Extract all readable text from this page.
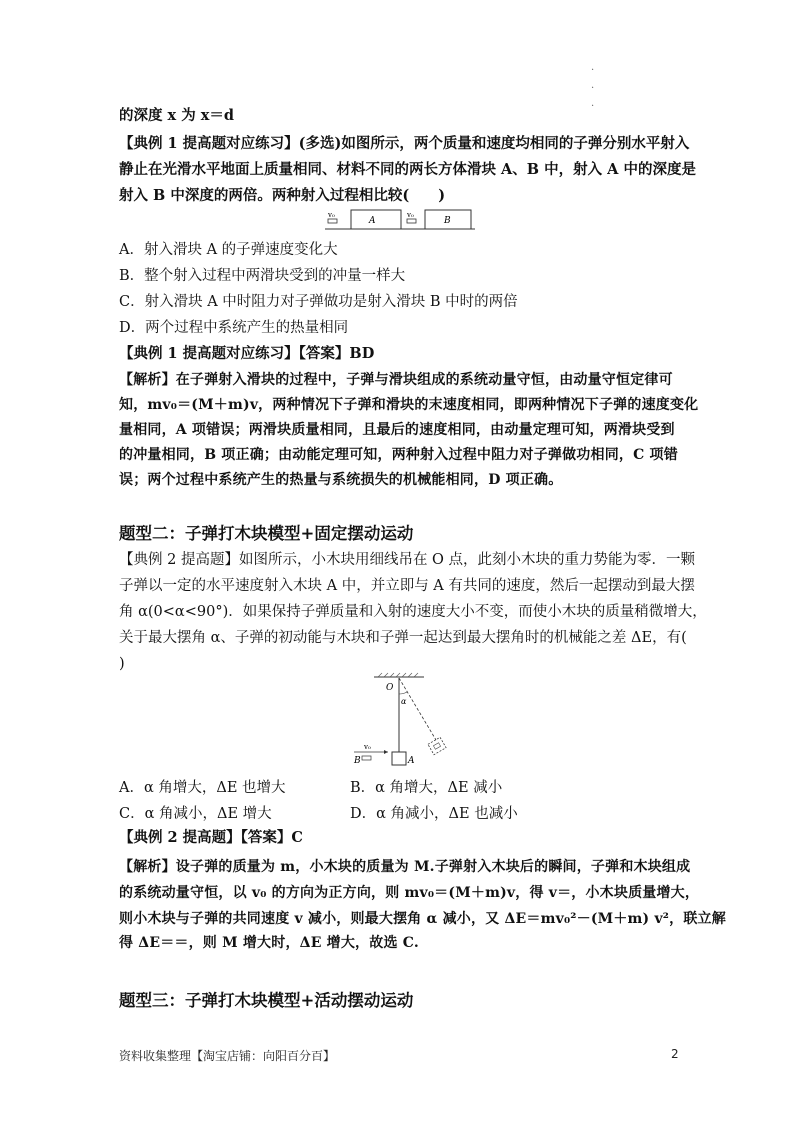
.
.
.
的深度 x 为 x＝d
【典例 1 提高题对应练习】(多选)如图所示，两个质量和速度均相同的子弹分别水平射入
静止在光滑水平地面上质量相同、材料不同的两长方体滑块 A、B 中，射入 A 中的深度是
射入 B 中深度的两倍。两种射入过程相比较(　　)
v₀
A
v₀
B
A．射入滑块 A 的子弹速度变化大
B．整个射入过程中两滑块受到的冲量一样大
C．射入滑块 A 中时阻力对子弹做功是射入滑块 B 中时的两倍
D．两个过程中系统产生的热量相同
【典例 1 提高题对应练习】【答案】BD
【解析】在子弹射入滑块的过程中，子弹与滑块组成的系统动量守恒，由动量守恒定律可
知，mv₀＝(M＋m)v，两种情况下子弹和滑块的末速度相同，即两种情况下子弹的速度变化
量相同，A 项错误；两滑块质量相同，且最后的速度相同，由动量定理可知，两滑块受到
的冲量相同，B 项正确；由动能定理可知，两种射入过程中阻力对子弹做功相同，C 项错
误；两个过程中系统产生的热量与系统损失的机械能相同，D 项正确。
题型二：子弹打木块模型+固定摆动运动
【典例 2 提高题】如图所示，小木块用细线吊在 O 点，此刻小木块的重力势能为零．一颗
子弹以一定的水平速度射入木块 A 中，并立即与 A 有共同的速度，然后一起摆动到最大摆
角 α(0<α<90°)．如果保持子弹质量和入射的速度大小不变，而使小木块的质量稍微增大，
关于最大摆角 α、子弹的初动能与木块和子弹一起达到最大摆角时的机械能之差 ΔE，有(
)
O
α
A
v₀
B
A．α 角增大，ΔE 也增大	B．α 角增大，ΔE 减小
C．α 角减小，ΔE 增大	D．α 角减小，ΔE 也减小
【典例 2 提高题】【答案】C
【解析】设子弹的质量为 m，小木块的质量为 M.子弹射入木块后的瞬间，子弹和木块组成
的系统动量守恒，以 v₀ 的方向为正方向，则 mv₀＝(M＋m)v，得 v＝，小木块质量增大，
则小木块与子弹的共同速度 v 减小，则最大摆角 α 减小，又 ΔE＝mv₀²－(M＋m) v²，联立解
得 ΔE＝＝，则 M 增大时，ΔE 增大，故选 C.
题型三：子弹打木块模型+活动摆动运动
资料收集整理【淘宝店铺：向阳百分百】	2
